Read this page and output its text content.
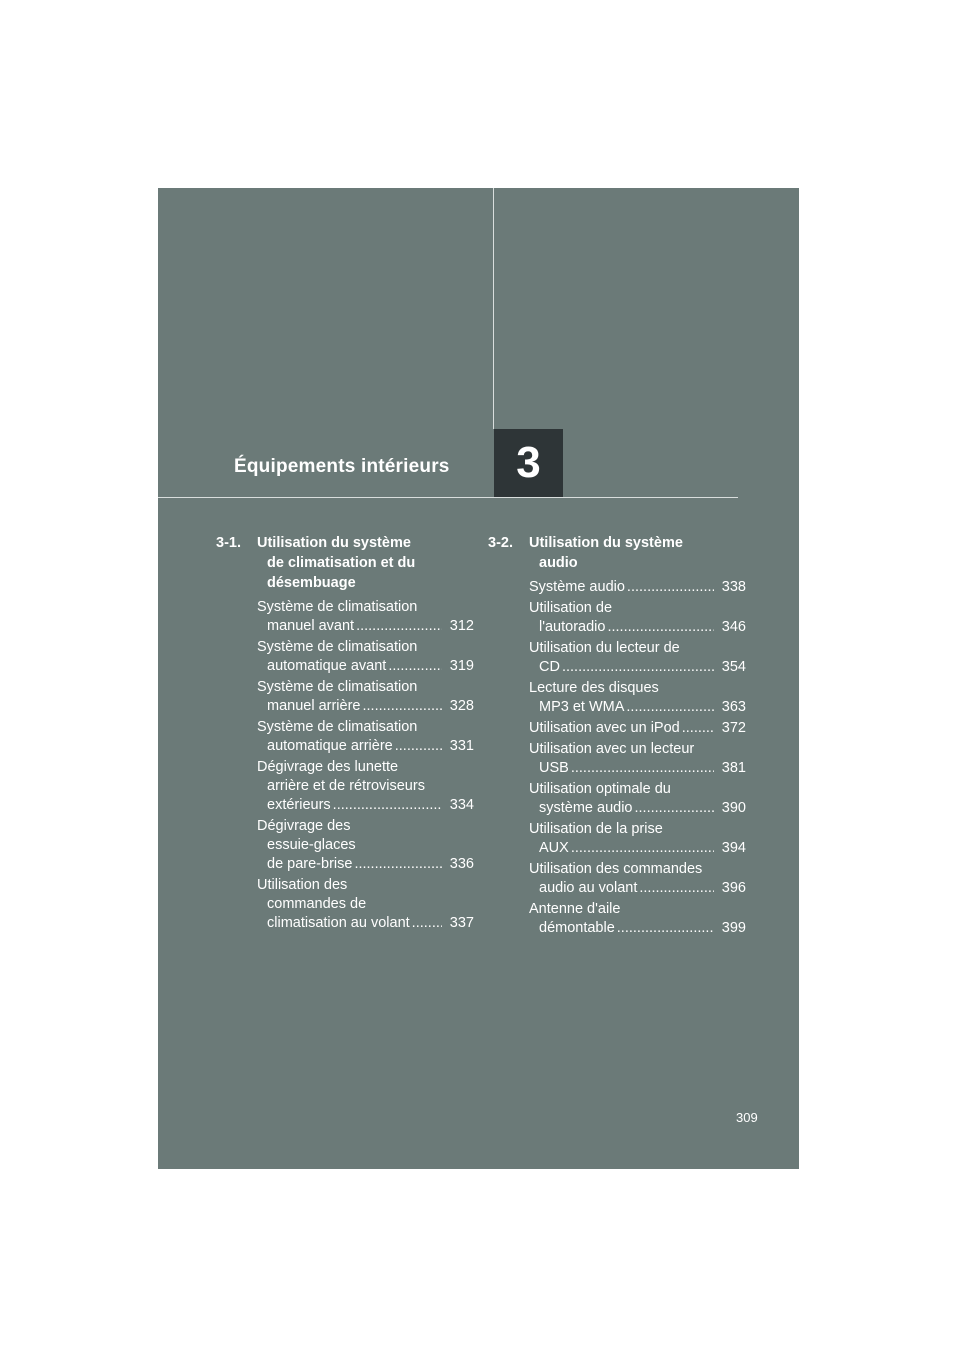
Équipements intérieurs	3
3-1. Utilisation du système
de climatisation et du
désembuage
Système de climatisation
manuel avant .....	312
Système de climatisation
automatique avant .....	319
Système de climatisation
manuel arrière .....	328
Système de climatisation
automatique arrière .....	331
Dégivrage des lunette
arrière et de rétroviseurs
extérieurs .....	334
Dégivrage des
essuie-glaces
de pare-brise .....	336
Utilisation des
commandes de
climatisation au volant .....	337
3-2. Utilisation du système
audio
Système audio .....	338
Utilisation de
l'autoradio .....	346
Utilisation du lecteur de
CD .....	354
Lecture des disques
MP3 et WMA .....	363
Utilisation avec un iPod .....	372
Utilisation avec un lecteur
USB .....	381
Utilisation optimale du
système audio .....	390
Utilisation de la prise
AUX .....	394
Utilisation des commandes
audio au volant .....	396
Antenne d'aile
démontable .....	399
309
